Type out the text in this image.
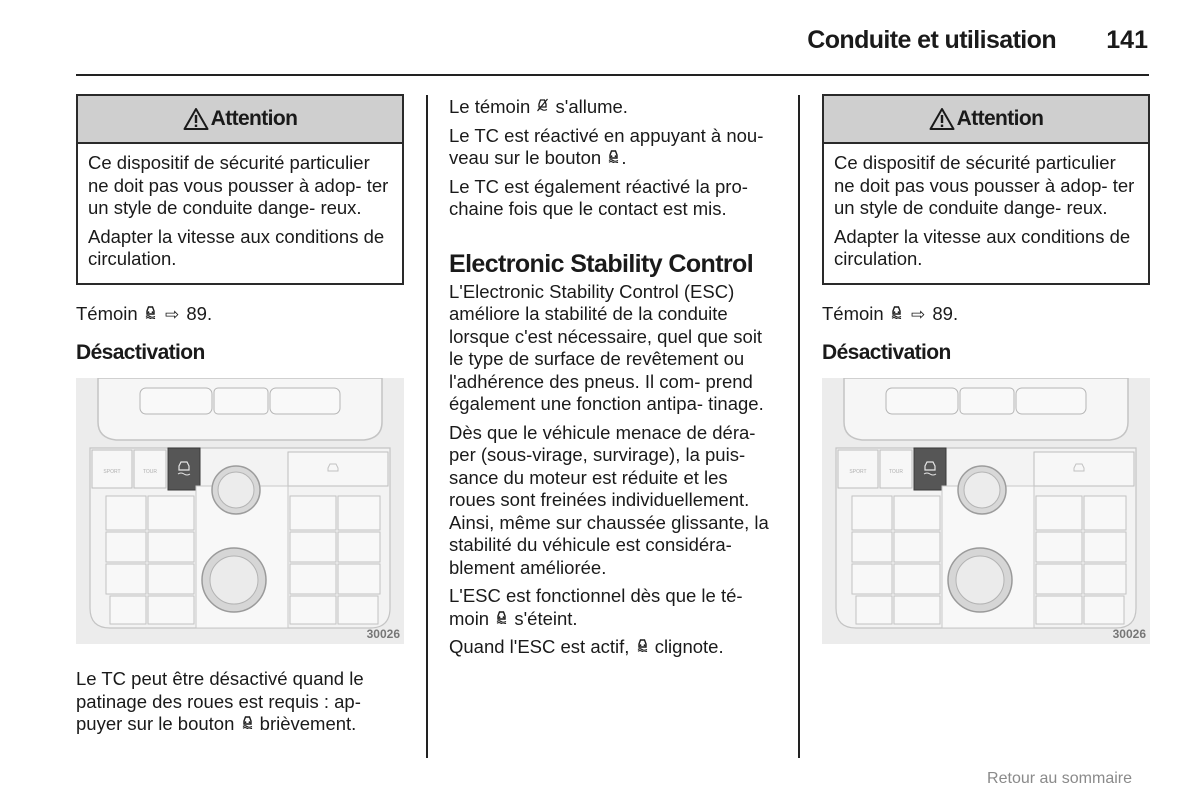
Conduite et utilisation	141
Attention

Ce dispositif de sécurité particulier ne doit pas vous pousser à adop- ter un style de conduite dange- reux.

Adapter la vitesse aux conditions de circulation.

Témoin ⇨ 89.

Désactivation
SPORT	TOUR
30026

Le TC peut être désactivé quand le patinage des roues est requis : ap- puyer sur le bouton brièvement.

Le témoin s'allume.

Le TC est réactivé en appuyant à nou- veau sur le bouton .

Le TC est également réactivé la pro- chaine fois que le contact est mis.

Electronic Stability Control

L'Electronic Stability Control (ESC) améliore la stabilité de la conduite lorsque c'est nécessaire, quel que soit le type de surface de revêtement ou l'adhérence des pneus. Il com- prend également une fonction antipa- tinage.

Dès que le véhicule menace de déra- per (sous-virage, survirage), la puis- sance du moteur est réduite et les roues sont freinées individuellement. Ainsi, même sur chaussée glissante, la stabilité du véhicule est considéra- blement améliorée.

L'ESC est fonctionnel dès que le té- moin s'éteint.

Quand l'ESC est actif, clignote.

Attention

Ce dispositif de sécurité particulier ne doit pas vous pousser à adop- ter un style de conduite dange- reux.

Adapter la vitesse aux conditions de circulation.

Témoin ⇨ 89.

Désactivation
SPORT	TOUR
30026
Retour au sommaire
